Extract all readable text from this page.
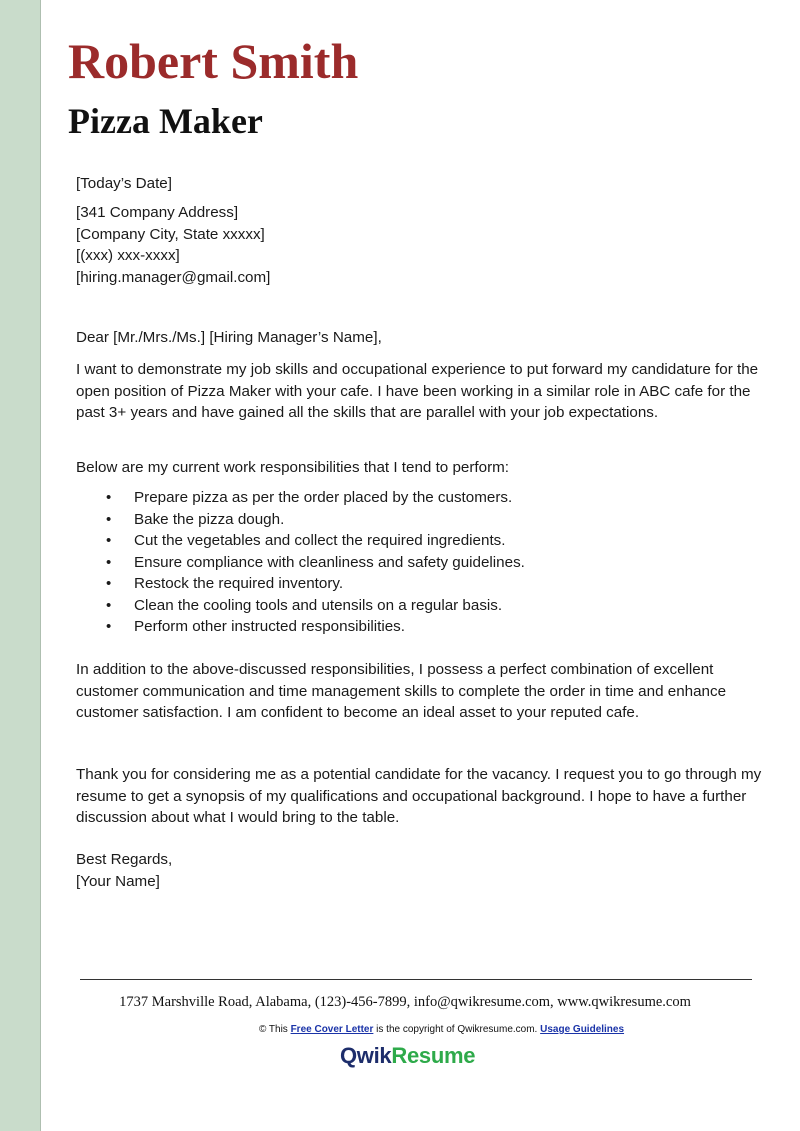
Robert Smith
Pizza Maker

[Today’s Date]

[341 Company Address]
[Company City, State xxxxx]
[(xxx) xxx-xxxx]
[hiring.manager@gmail.com]

Dear [Mr./Mrs./Ms.] [Hiring Manager’s Name],

I want to demonstrate my job skills and occupational experience to put forward my candidature for the open position of Pizza Maker with your cafe. I have been working in a similar role in ABC cafe for the past 3+ years and have gained all the skills that are parallel with your job expectations.

Below are my current work responsibilities that I tend to perform:

• Prepare pizza as per the order placed by the customers.
• Bake the pizza dough.
• Cut the vegetables and collect the required ingredients.
• Ensure compliance with cleanliness and safety guidelines.
• Restock the required inventory.
• Clean the cooling tools and utensils on a regular basis.
• Perform other instructed responsibilities.

In addition to the above-discussed responsibilities, I possess a perfect combination of excellent customer communication and time management skills to complete the order in time and enhance customer satisfaction. I am confident to become an ideal asset to your reputed cafe.

Thank you for considering me as a potential candidate for the vacancy. I request you to go through my resume to get a synopsis of my qualifications and occupational background. I hope to have a further discussion about what I would bring to the table.

Best Regards,
[Your Name]
1737 Marshville Road, Alabama, (123)-456-7899, info@qwikresume.com, www.qwikresume.com
© This Free Cover Letter is the copyright of Qwikresume.com. Usage Guidelines
QwikResume
